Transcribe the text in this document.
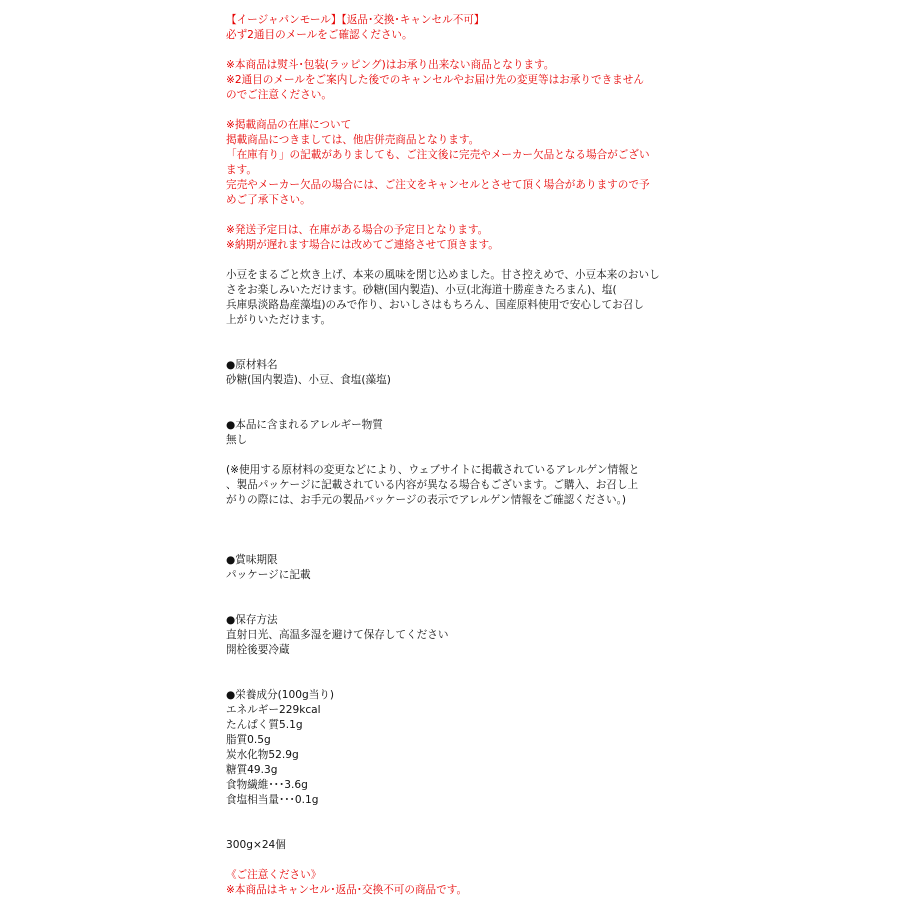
【イージャパンモール】【返品･交換･キャンセル不可】
必ず2通目のメールをご確認ください。
※本商品は熨斗･包装(ラッピング)はお承り出来ない商品となります。
※2通目のメールをご案内した後でのキャンセルやお届け先の変更等はお承りできません
のでご注意ください。
※掲載商品の在庫について
掲載商品につきましては、他店併売商品となります。
「在庫有り」の記載がありましても、ご注文後に完売やメーカー欠品となる場合がござい
ます。
完売やメーカー欠品の場合には、ご注文をキャンセルとさせて頂く場合がありますので予
めご了承下さい。
※発送予定日は、在庫がある場合の予定日となります。
※納期が遅れます場合には改めてご連絡させて頂きます。
小豆をまるごと炊き上げ、本来の風味を閉じ込めました。甘さ控えめで、小豆本来のおいし
さをお楽しみいただけます。砂糖(国内製造)、小豆(北海道十勝産きたろまん)、塩(
兵庫県淡路島産藻塩)のみで作り、おいしさはもちろん、国産原料使用で安心してお召し
上がりいただけます。
●原材料名
砂糖(国内製造)、小豆、食塩(藻塩)
●本品に含まれるアレルギー物質
無し
(※使用する原材料の変更などにより、ウェブサイトに掲載されているアレルゲン情報と
、製品パッケージに記載されている内容が異なる場合もございます。ご購入、お召し上
がりの際には、お手元の製品パッケージの表示でアレルゲン情報をご確認ください。)
●賞味期限
パッケージに記載
●保存方法
直射日光、高温多湿を避けて保存してください
開栓後要冷蔵
●栄養成分(100g当り)
エネルギー229kcal
たんぱく質5.1g
脂質0.5g
炭水化物52.9g
糖質49.3g
食物繊維･･･3.6g
食塩相当量･･･0.1g
300g×24個
《ご注意ください》
※本商品はキャンセル･返品･交換不可の商品です。
